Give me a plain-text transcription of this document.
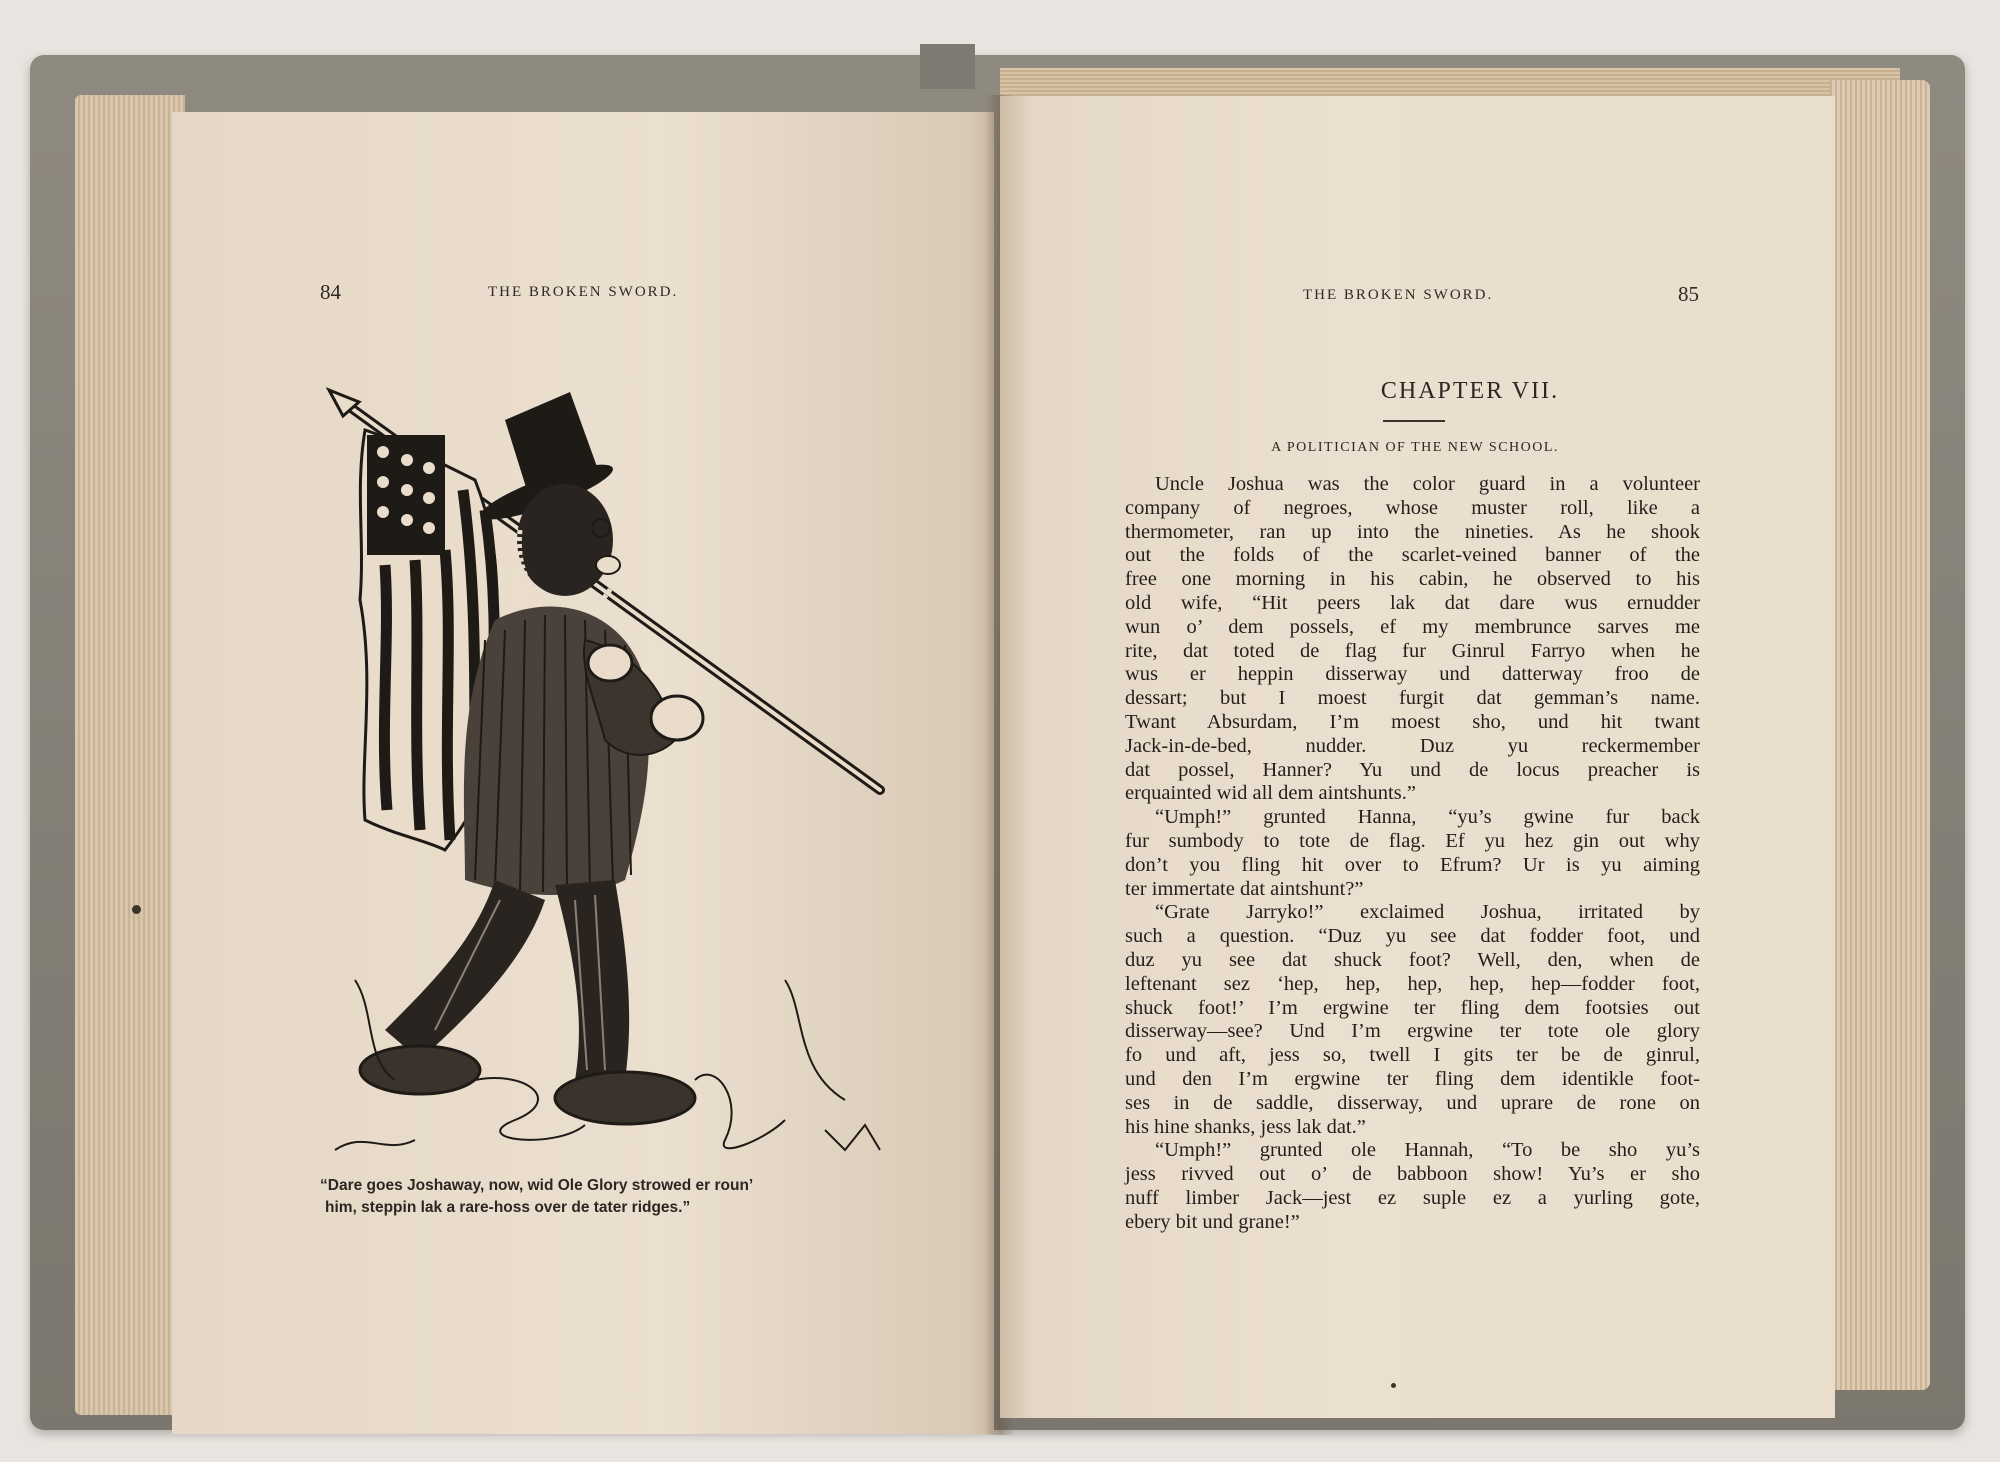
84	THE BROKEN SWORD.
“Dare goes Joshaway, now, wid Ole Glory strowed er roun’
him, steppin lak a rare-hoss over de tater ridges.”
THE BROKEN SWORD.	85
CHAPTER VII.
A POLITICIAN OF THE NEW SCHOOL.
Uncle Joshua was the color guard in a volunteer
company of negroes, whose muster roll, like a
thermometer, ran up into the nineties. As he shook
out the folds of the scarlet-veined banner of the
free one morning in his cabin, he observed to his
old wife, “Hit peers lak dat dare wus ernudder
wun o’ dem possels, ef my membrunce sarves me
rite, dat toted de flag fur Ginrul Farryo when he
wus er heppin disserway und datterway froo de
dessart; but I moest furgit dat gemman’s name.
Twant Absurdam, I’m moest sho, und hit twant
Jack-in-de-bed, nudder. Duz yu reckermember
dat possel, Hanner? Yu und de locus preacher is
erquainted wid all dem aintshunts.”
“Umph!” grunted Hanna, “yu’s gwine fur back
fur sumbody to tote de flag. Ef yu hez gin out why
don’t you fling hit over to Efrum? Ur is yu aiming
ter immertate dat aintshunt?”
“Grate Jarryko!” exclaimed Joshua, irritated by
such a question. “Duz yu see dat fodder foot, und
duz yu see dat shuck foot? Well, den, when de
leftenant sez ‘hep, hep, hep, hep, hep—fodder foot,
shuck foot!’ I’m ergwine ter fling dem footsies out
disserway—see? Und I’m ergwine ter tote ole glory
fo und aft, jess so, twell I gits ter be de ginrul,
und den I’m ergwine ter fling dem identikle foot-
ses in de saddle, disserway, und uprare de rone on
his hine shanks, jess lak dat.”
“Umph!” grunted ole Hannah, “To be sho yu’s
jess rivved out o’ de babboon show! Yu’s er sho
nuff limber Jack—jest ez suple ez a yurling gote,
ebery bit und grane!”
